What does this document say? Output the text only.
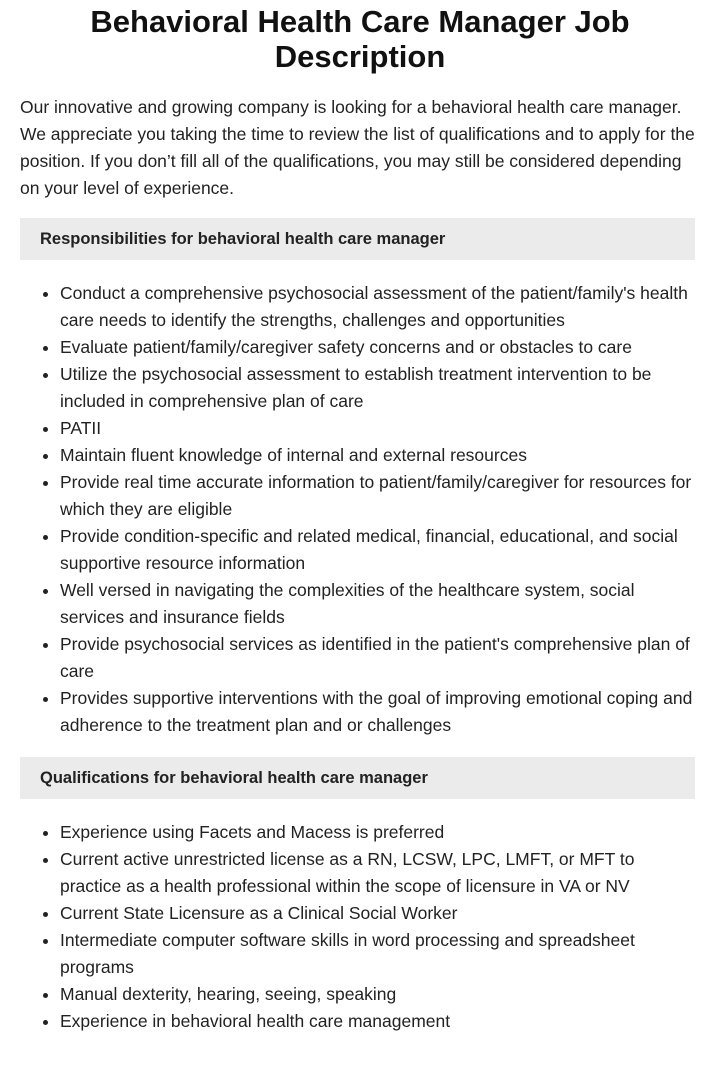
Behavioral Health Care Manager Job Description

Our innovative and growing company is looking for a behavioral health care manager. We appreciate you taking the time to review the list of qualifications and to apply for the position. If you don’t fill all of the qualifications, you may still be considered depending on your level of experience.

Responsibilities for behavioral health care manager
• Conduct a comprehensive psychosocial assessment of the patient/family's health care needs to identify the strengths, challenges and opportunities
• Evaluate patient/family/caregiver safety concerns and or obstacles to care
• Utilize the psychosocial assessment to establish treatment intervention to be included in comprehensive plan of care
• PATII
• Maintain fluent knowledge of internal and external resources
• Provide real time accurate information to patient/family/caregiver for resources for which they are eligible
• Provide condition-specific and related medical, financial, educational, and social supportive resource information
• Well versed in navigating the complexities of the healthcare system, social services and insurance fields
• Provide psychosocial services as identified in the patient's comprehensive plan of care
• Provides supportive interventions with the goal of improving emotional coping and adherence to the treatment plan and or challenges
Qualifications for behavioral health care manager
• Experience using Facets and Macess is preferred
• Current active unrestricted license as a RN, LCSW, LPC, LMFT, or MFT to practice as a health professional within the scope of licensure in VA or NV
• Current State Licensure as a Clinical Social Worker
• Intermediate computer software skills in word processing and spreadsheet programs
• Manual dexterity, hearing, seeing, speaking
• Experience in behavioral health care management
